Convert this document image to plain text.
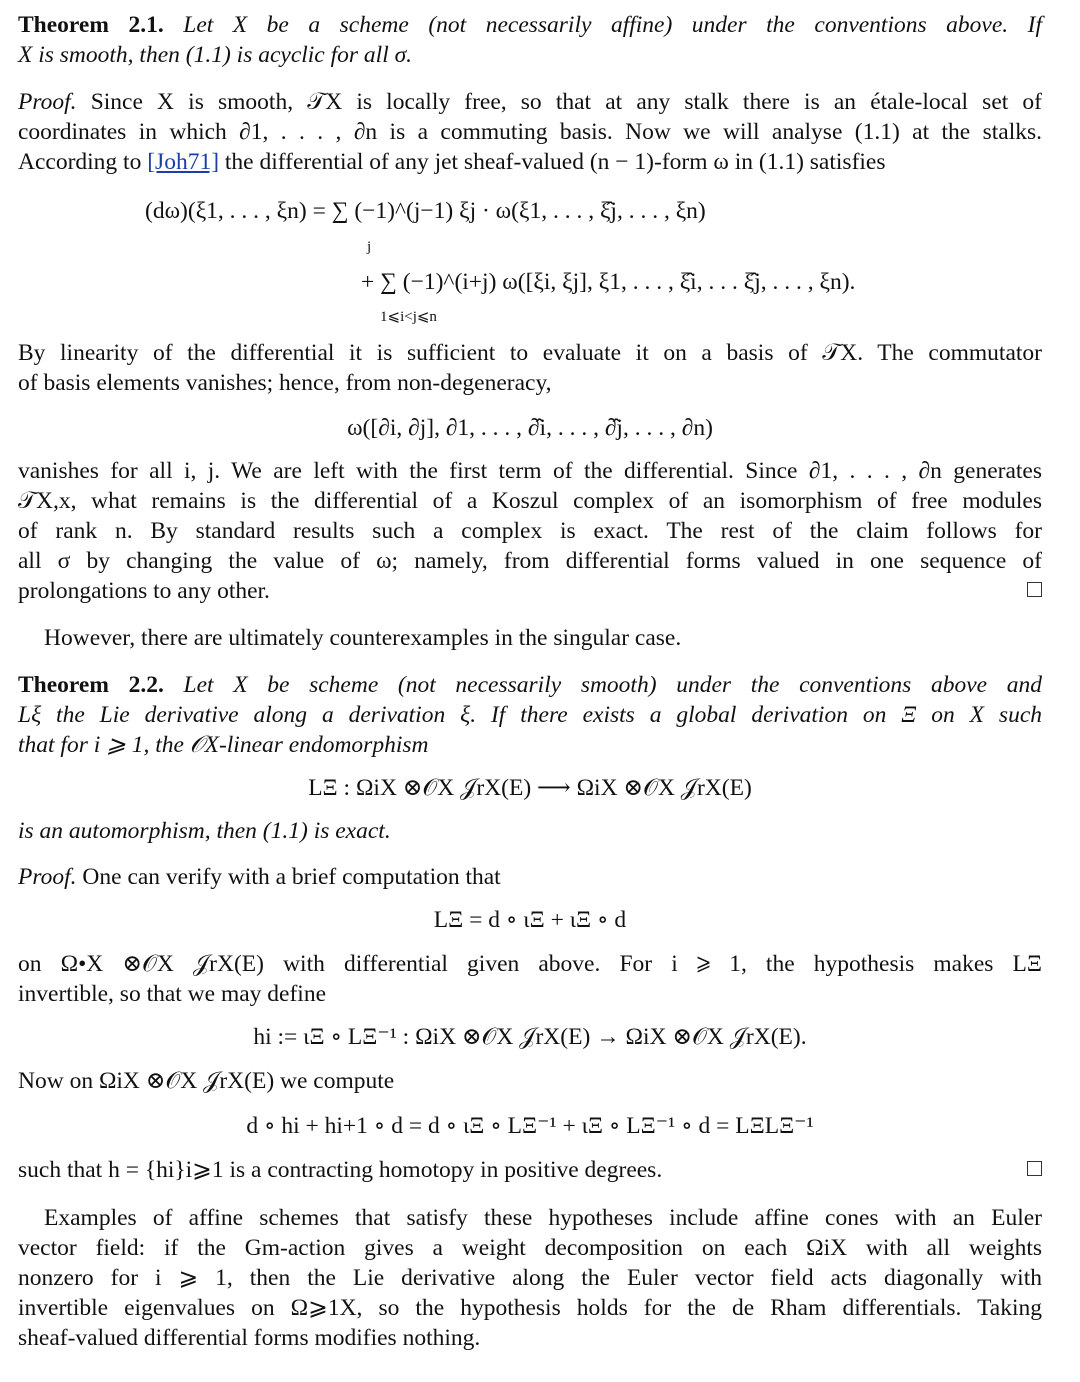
Theorem 2.1. Let X be a scheme (not necessarily affine) under the conventions above. If
X is smooth, then (1.1) is acyclic for all σ.
Proof. Since X is smooth, 𝒯X is locally free, so that at any stalk there is an étale-local set of
coordinates in which ∂1, . . . , ∂n is a commuting basis. Now we will analyse (1.1) at the stalks.
According to [Joh71] the differential of any jet sheaf-valued (n − 1)-form ω in (1.1) satisfies
(dω)(ξ1, . . . , ξn) = ∑ (−1)^(j−1) ξj · ω(ξ1, . . . , ξ̂j, . . . , ξn)
j
+ ∑ (−1)^(i+j) ω([ξi, ξj], ξ1, . . . , ξ̂i, . . . ξ̂j, . . . , ξn).
1⩽i<j⩽n
By linearity of the differential it is sufficient to evaluate it on a basis of 𝒯X. The commutator
of basis elements vanishes; hence, from non-degeneracy,
ω([∂i, ∂j], ∂1, . . . , ∂̂i, . . . , ∂̂j, . . . , ∂n)
vanishes for all i, j. We are left with the first term of the differential. Since ∂1, . . . , ∂n generates
𝒯X,x, what remains is the differential of a Koszul complex of an isomorphism of free modules
of rank n. By standard results such a complex is exact. The rest of the claim follows for
all σ by changing the value of ω; namely, from differential forms valued in one sequence of
prolongations to any other.
However, there are ultimately counterexamples in the singular case.
Theorem 2.2. Let X be scheme (not necessarily smooth) under the conventions above and
Lξ the Lie derivative along a derivation ξ. If there exists a global derivation on Ξ on X such
that for i ⩾ 1, the 𝒪X-linear endomorphism
LΞ : ΩiX ⊗𝒪X 𝒥rX(E) ⟶ ΩiX ⊗𝒪X 𝒥rX(E)
is an automorphism, then (1.1) is exact.
Proof. One can verify with a brief computation that
LΞ = d ∘ ιΞ + ιΞ ∘ d
on Ω•X ⊗𝒪X 𝒥rX(E) with differential given above. For i ⩾ 1, the hypothesis makes LΞ
invertible, so that we may define
hi := ιΞ ∘ LΞ⁻¹ : ΩiX ⊗𝒪X 𝒥rX(E) → ΩiX ⊗𝒪X 𝒥rX(E).
Now on ΩiX ⊗𝒪X 𝒥rX(E) we compute
d ∘ hi + hi+1 ∘ d = d ∘ ιΞ ∘ LΞ⁻¹ + ιΞ ∘ LΞ⁻¹ ∘ d = LΞLΞ⁻¹
such that h = {hi}i⩾1 is a contracting homotopy in positive degrees.
Examples of affine schemes that satisfy these hypotheses include affine cones with an Euler
vector field: if the Gm-action gives a weight decomposition on each ΩiX with all weights
nonzero for i ⩾ 1, then the Lie derivative along the Euler vector field acts diagonally with
invertible eigenvalues on Ω⩾1X, so the hypothesis holds for the de Rham differentials. Taking
sheaf-valued differential forms modifies nothing.
